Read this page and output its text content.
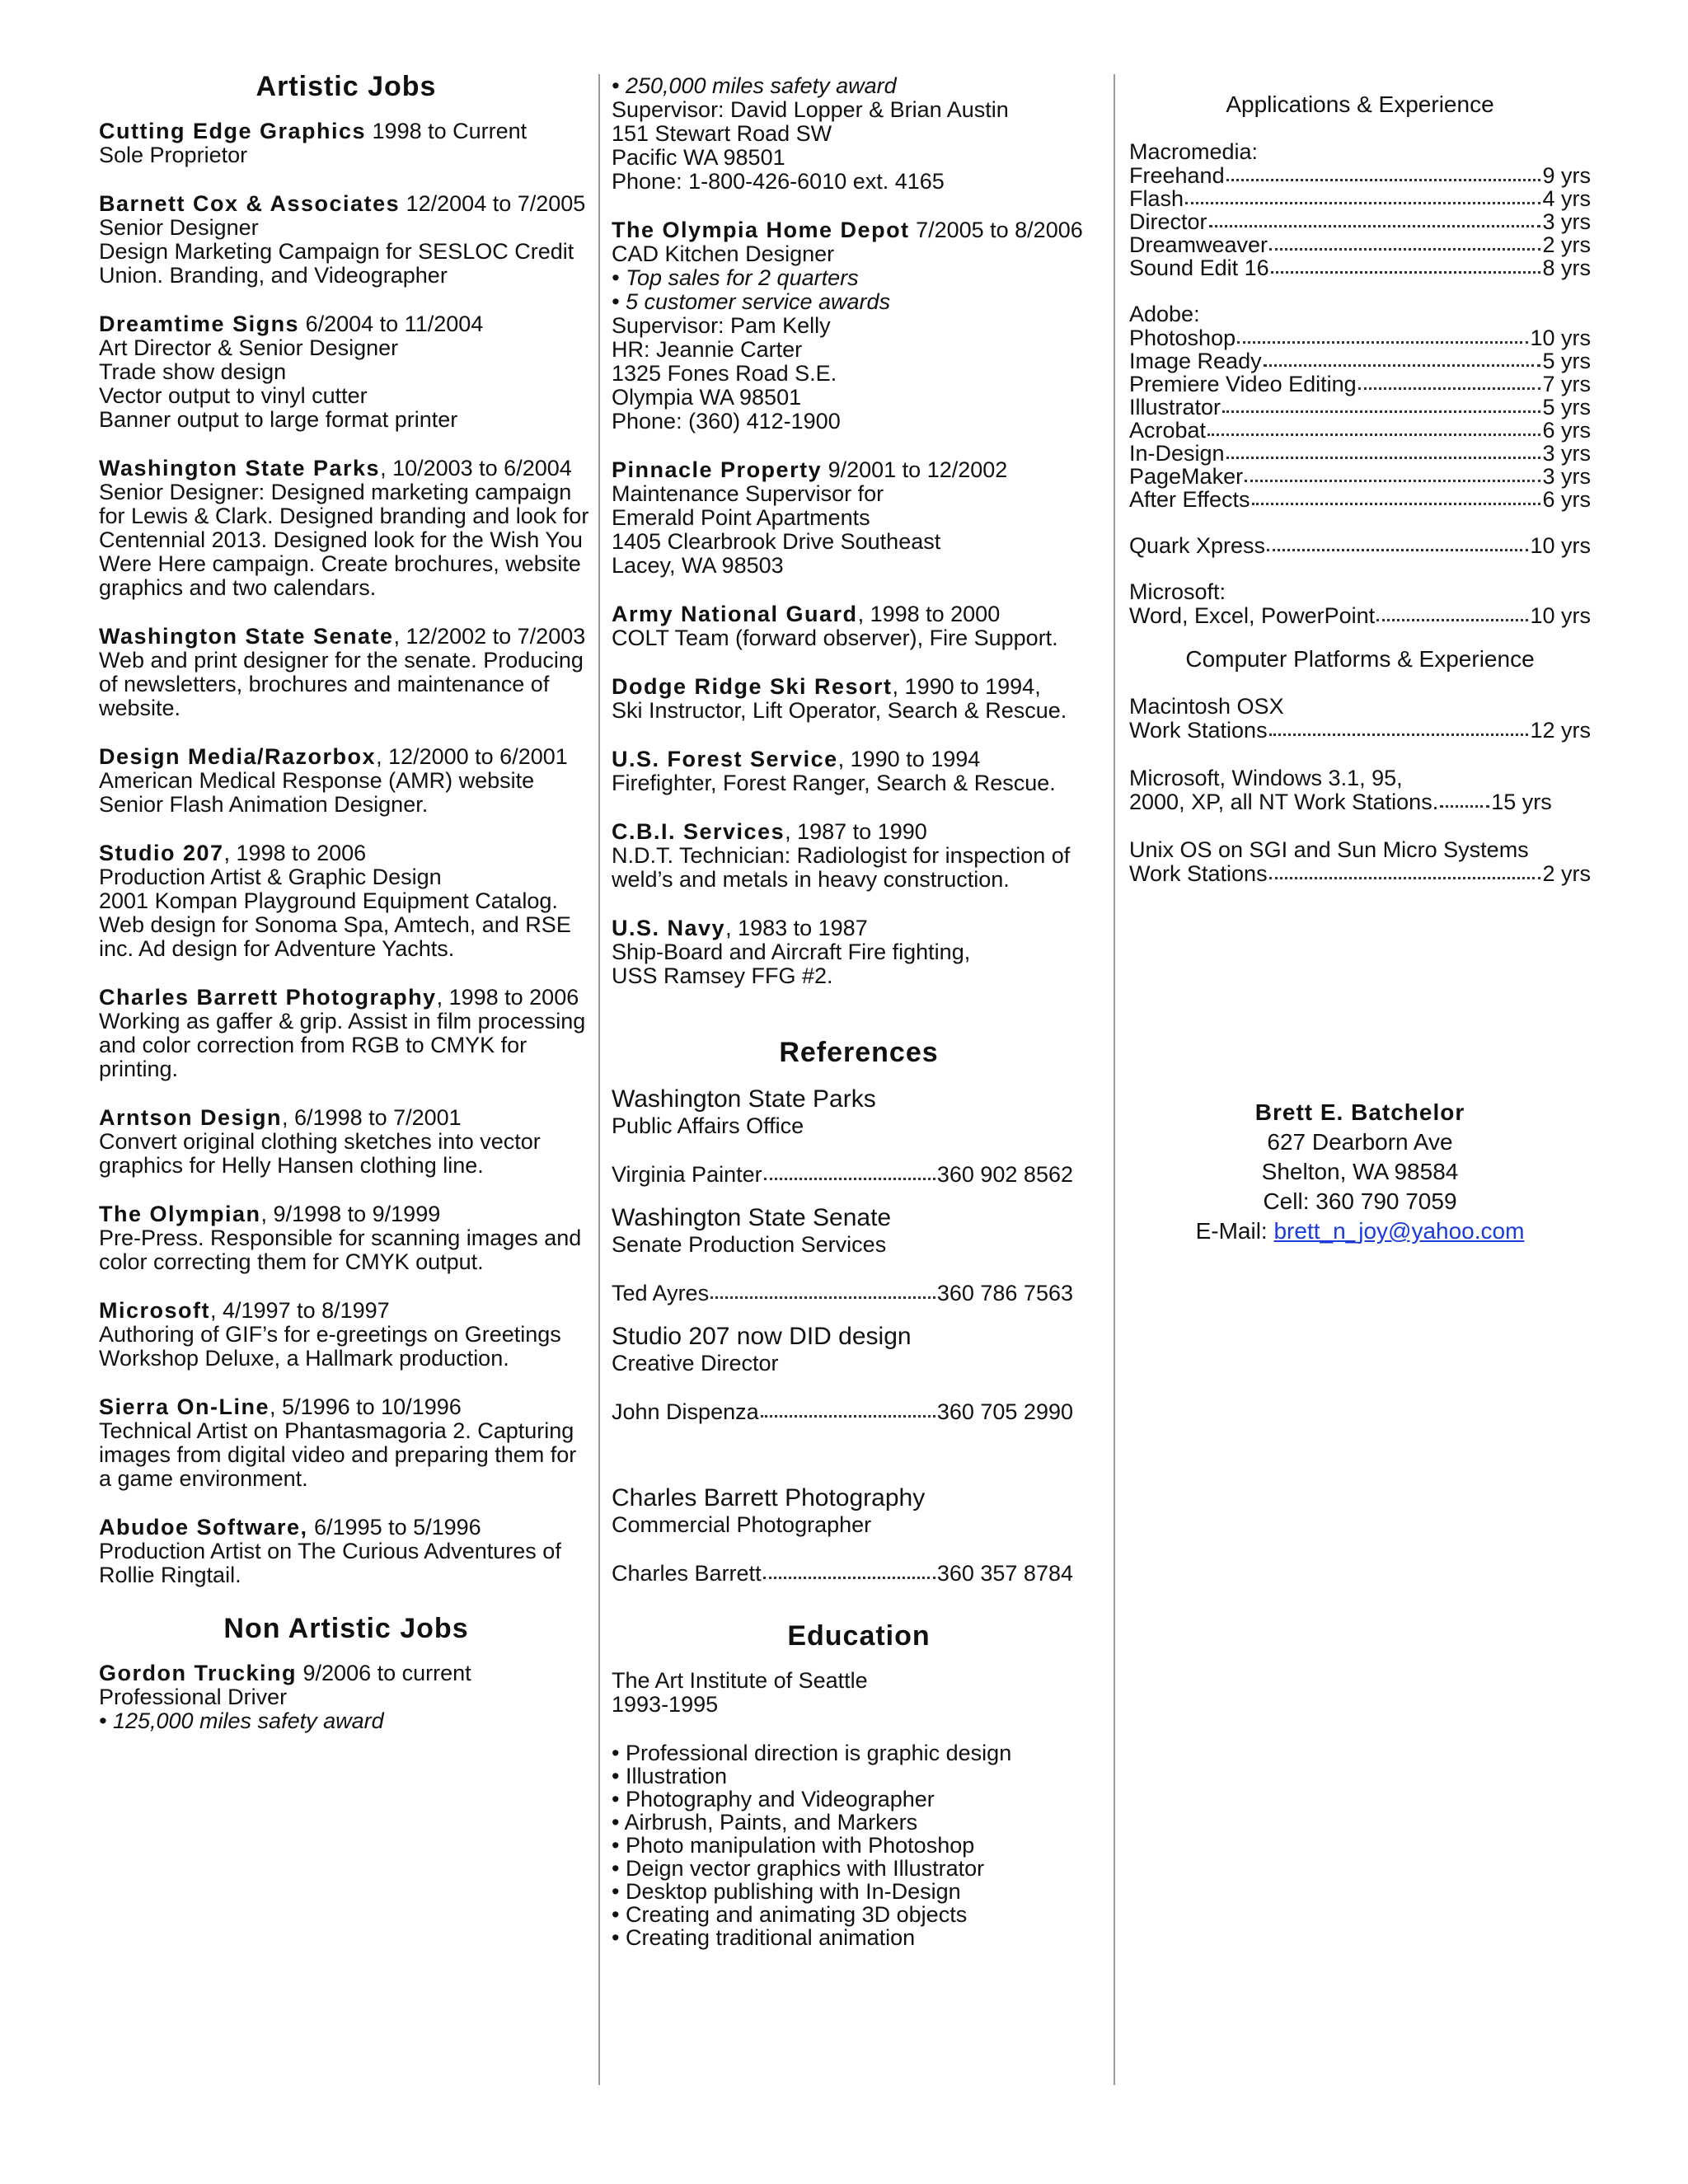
Artistic Jobs
Cutting Edge Graphics 1998 to Current
Sole Proprietor
Barnett Cox & Associates 12/2004 to 7/2005
Senior Designer
Design Marketing Campaign for SESLOC Credit Union. Branding, and Videographer
Dreamtime Signs 6/2004 to 11/2004
Art Director & Senior Designer
Trade show design
Vector output to vinyl cutter
Banner output to large format printer
Washington State Parks, 10/2003 to 6/2004
Senior Designer: Designed marketing campaign for Lewis & Clark. Designed branding and look for Centennial 2013. Designed look for the Wish You Were Here campaign. Create brochures, website graphics and two calendars.
Washington State Senate, 12/2002 to 7/2003
Web and print designer for the senate. Producing of newsletters, brochures and maintenance of website.
Design Media/Razorbox, 12/2000 to 6/2001
American Medical Response (AMR) website Senior Flash Animation Designer.
Studio 207, 1998 to 2006
Production Artist & Graphic Design
2001 Kompan Playground Equipment Catalog. Web design for Sonoma Spa, Amtech, and RSE inc. Ad design for Adventure Yachts.
Charles Barrett Photography, 1998 to 2006
Working as gaffer & grip. Assist in film processing and color correction from RGB to CMYK for printing.
Arntson Design, 6/1998 to 7/2001
Convert original clothing sketches into vector graphics for Helly Hansen clothing line.
The Olympian, 9/1998 to 9/1999
Pre-Press. Responsible for scanning images and color correcting them for CMYK output.
Microsoft, 4/1997 to 8/1997
Authoring of GIF’s for e-greetings on Greetings Workshop Deluxe, a Hallmark production.
Sierra On-Line, 5/1996 to 10/1996
Technical Artist on Phantasmagoria 2. Capturing images from digital video and preparing them for a game environment.
Abudoe Software, 6/1995 to 5/1996
Production Artist on The Curious Adventures of Rollie Ringtail.
Non Artistic Jobs
Gordon Trucking 9/2006 to current
Professional Driver
• 125,000 miles safety award
• 250,000 miles safety award
Supervisor: David Lopper & Brian Austin
151 Stewart Road SW
Pacific WA 98501
Phone: 1-800-426-6010 ext. 4165
The Olympia Home Depot 7/2005 to 8/2006
CAD Kitchen Designer
• Top sales for 2 quarters
• 5 customer service awards
Supervisor: Pam Kelly
HR: Jeannie Carter
1325 Fones Road S.E.
Olympia WA 98501
Phone: (360) 412-1900
Pinnacle Property 9/2001 to 12/2002
Maintenance Supervisor for
Emerald Point Apartments
1405 Clearbrook Drive Southeast
Lacey, WA 98503
Army National Guard, 1998 to 2000
COLT Team (forward observer), Fire Support.
Dodge Ridge Ski Resort, 1990 to 1994,
Ski Instructor, Lift Operator, Search & Rescue.
U.S. Forest Service, 1990 to 1994
Firefighter, Forest Ranger, Search & Rescue.
C.B.I. Services, 1987 to 1990
N.D.T. Technician: Radiologist for inspection of weld’s and metals in heavy construction.
U.S. Navy, 1983 to 1987
Ship-Board and Aircraft Fire fighting,
USS Ramsey FFG #2.
References
Washington State Parks
Public Affairs Office
Virginia Painter	360 902 8562
Washington State Senate
Senate Production Services
Ted Ayres	360 786 7563
Studio 207 now DID design
Creative Director
John Dispenza	360 705 2990
Charles Barrett Photography
Commercial Photographer
Charles Barrett	360 357 8784
Education
The Art Institute of Seattle
1993-1995
• Professional direction is graphic design
• Illustration
• Photography and Videographer
• Airbrush, Paints, and Markers
• Photo manipulation with Photoshop
• Deign vector graphics with Illustrator
• Desktop publishing with In-Design
• Creating and animating 3D objects
• Creating traditional animation
Applications & Experience
Macromedia:
Freehand	9 yrs
Flash	4 yrs
Director	3 yrs
Dreamweaver	2 yrs
Sound Edit 16	8 yrs
Adobe:
Photoshop	10 yrs
Image Ready	5 yrs
Premiere Video Editing	7 yrs
Illustrator	5 yrs
Acrobat	6 yrs
In-Design	3 yrs
PageMaker	3 yrs
After Effects	6 yrs
Quark Xpress	10 yrs
Microsoft:
Word, Excel, PowerPoint	10 yrs
Computer Platforms & Experience
Macintosh OSX
Work Stations	12 yrs
Microsoft, Windows 3.1, 95,
2000, XP, all NT Work Stations. 15 yrs
Unix OS on SGI and Sun Micro Systems
Work Stations	2 yrs
Brett E. Batchelor
627 Dearborn Ave
Shelton, WA 98584
Cell: 360 790 7059
E-Mail: brett_n_joy@yahoo.com
